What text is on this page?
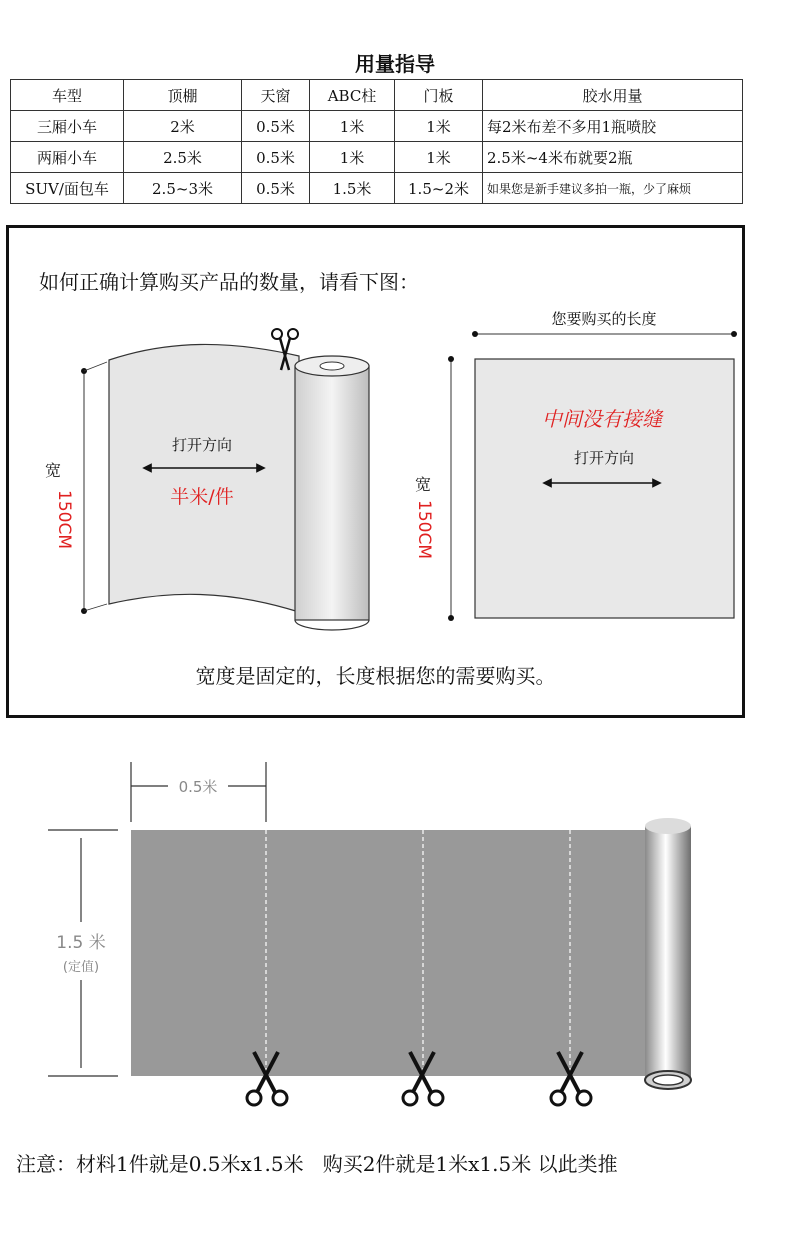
用量指导
车型	顶棚	天窗	ABC柱	门板	胶水用量
三厢小车	2米	0.5米	1米	1米	每2米布差不多用1瓶喷胶
两厢小车	2.5米	0.5米	1米	1米	2.5米~4米布就要2瓶
SUV/面包车	2.5~3米	0.5米	1.5米	1.5~2米	如果您是新手建议多拍一瓶，少了麻烦
如何正确计算购买产品的数量，请看下图：
打开方向
半米/件
宽
150CM
您要购买的长度
宽
150CM
中间没有接缝
打开方向
宽度是固定的，长度根据您的需要购买。
0.5米
1.5 米
(定值)
注意：材料1件就是0.5米x1.5米   购买2件就是1米x1.5米 以此类推
